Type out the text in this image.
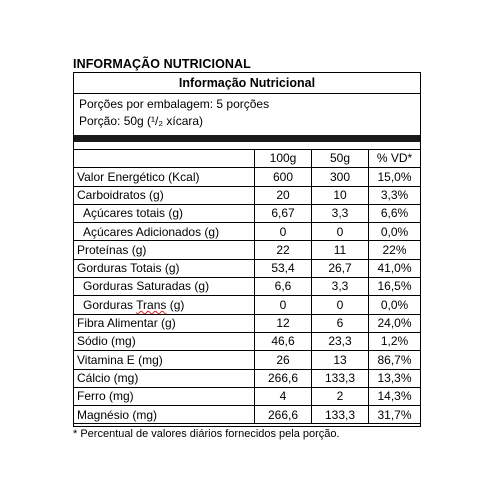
INFORMAÇÃO NUTRICIONAL
Informação Nutricional
Porções por embalagem: 5 porções
Porção: 50g (¹/₂ xícara)
	100g	50g	% VD*
Valor Energético (Kcal)	600	300	15,0%
Carboidratos (g)	20	10	3,3%
Açúcares totais (g)	6,67	3,3	6,6%
Açúcares Adicionados (g)	0	0	0,0%
Proteínas (g)	22	11	22%
Gorduras Totais (g)	53,4	26,7	41,0%
Gorduras Saturadas (g)	6,6	3,3	16,5%
Gorduras Trans (g)	0	0	0,0%
Fibra Alimentar (g)	12	6	24,0%
Sódio (mg)	46,6	23,3	1,2%
Vitamina E (mg)	26	13	86,7%
Cálcio (mg)	266,6	133,3	13,3%
Ferro (mg)	4	2	14,3%
Magnésio (mg)	266,6	133,3	31,7%
* Percentual de valores diários fornecidos pela porção.
